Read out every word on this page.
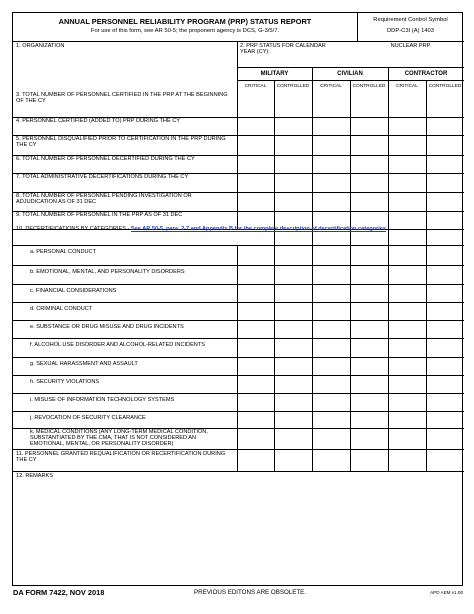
ANNUAL PERSONNEL RELIABILITY PROGRAM (PRP) STATUS REPORT
For use of this form, see AR 50-5; the proponent agency is DCS, G-3/5/7.
Requirement Control Symbol
DDP-C3I (A) 1403
1. ORGANIZATION	2. PRP STATUS FOR CALENDAR YEAR (CY):
NUCLEAR PRP
MILITARY	CIVILIAN	CONTRACTOR
CRITICAL	CONTROLLED	CRITICAL	CONTROLLED	CRITICAL	CONTROLLED
3. TOTAL NUMBER OF PERSONNEL CERTIFIED IN THE PRP AT THE BEGINNING OF THE CY
4. PERSONNEL CERTIFIED (ADDED TO) PRP DURING THE CY
5. PERSONNEL DISQUALIFIED PRIOR TO CERTIFICATION IN THE PRP DURING THE CY
6. TOTAL NUMBER OF PERSONNEL DECERTIFIED DURING THE CY
7. TOTAL ADMINISTRATIVE DECERTIFICATIONS DURING THE CY
8. TOTAL NUMBER OF PERSONNEL PENDING INVESTIGATION OR ADJUDICATION AS OF 31 DEC
9. TOTAL NUMBER OF PERSONNEL IN THE PRP AS OF 31 DEC
10. DECERTIFICATIONS BY CATEGORIES - See AR 50-5, para. 2-7 and Appendix B for the complete description of decertification categories
a. PERSONAL CONDUCT
b. EMOTIONAL, MENTAL, AND PERSONALITY DISORDERS
c. FINANCIAL CONSIDERATIONS
d. CRIMINAL CONDUCT
e. SUBSTANCE OR DRUG MISUSE AND DRUG INCIDENTS
f. ALCOHOL USE DISORDER AND ALCOHOL-RELATED INCIDENTS
g. SEXUAL HARASSMENT AND ASSAULT
h. SECURITY VIOLATIONS
i. MISUSE OF INFORMATION TECHNOLOGY SYSTEMS
j. REVOCATION OF SECURITY CLEARANCE
k. MEDICAL CONDITIONS (ANY LONG-TERM MEDICAL CONDITION, SUBSTANTIATED BY THE CMA, THAT IS NOT CONSIDERED AN EMOTIONAL, MENTAL, OR PERSONALITY DISORDER)
11. PERSONNEL GRANTED REQUALIFICATION OR RECERTIFICATION DURING THE CY
12. REMARKS
DA FORM 7422, NOV 2018	PREVIOUS EDITONS ARE OBSOLETE.	APD AEM v1.00
